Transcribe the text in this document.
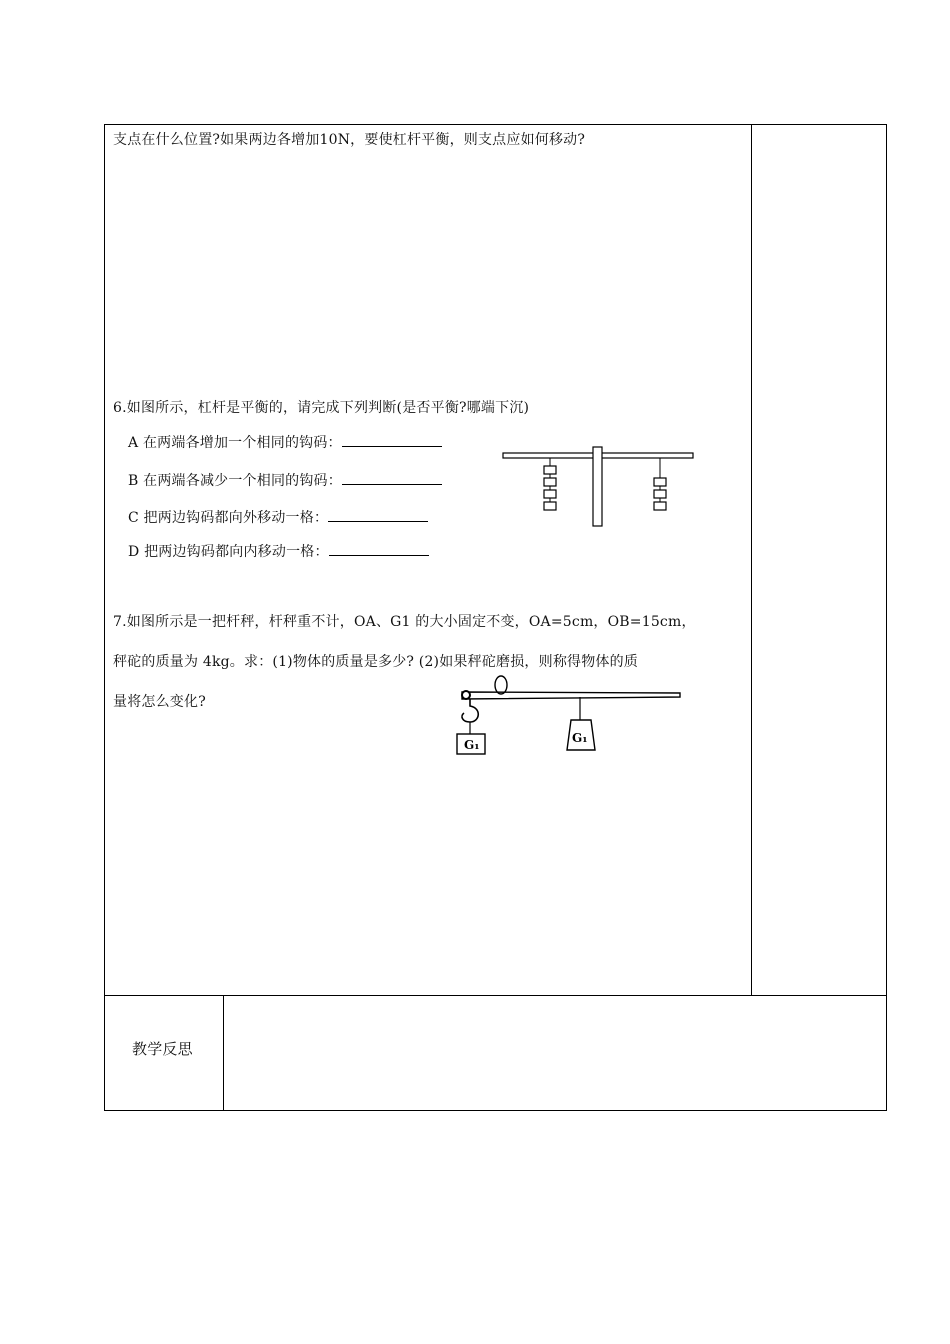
支点在什么位置?如果两边各增加10N，要使杠杆平衡，则支点应如何移动?
6.如图所示，杠杆是平衡的，请完成下列判断(是否平衡?哪端下沉)
A 在两端各增加一个相同的钩码：
B 在两端各减少一个相同的钩码：
C 把两边钩码都向外移动一格：
D 把两边钩码都向内移动一格：
7.如图所示是一把杆秤，杆秤重不计，OA、G1 的大小固定不变，OA=5cm，OB=15cm，
秤砣的质量为 4kg。求：(1)物体的质量是多少? (2)如果秤砣磨损，则称得物体的质
量将怎么变化?
G₁	G₁
教学反思
